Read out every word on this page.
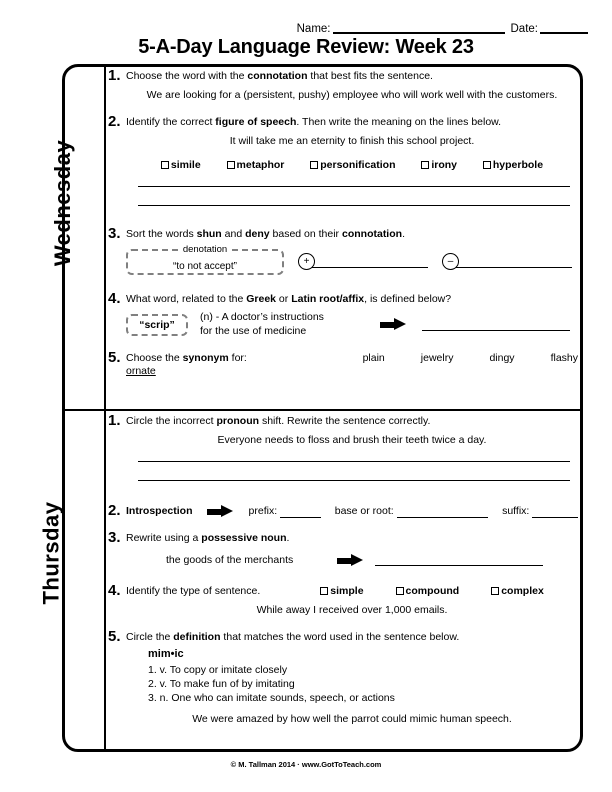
Name:	Date:
5-A-Day Language Review: Week 23
Wednesday
Thursday
1. Choose the word with the connotation that best fits the sentence.
We are looking for a (persistent, pushy) employee who will work well with the customers.
2. Identify the correct figure of speech. Then write the meaning on the lines below.
It will take me an eternity to finish this school project.
simile	metaphor	personification	irony	hyperbole
3. Sort the words shun and deny based on their connotation.
denotation
“to not accept”	+	–
4. What word, related to the Greek or Latin root/affix, is defined below?
“scrip”
(n) - A doctor’s instructions
for the use of medicine
5. Choose the synonym for: ornate
plain	jewelry	dingy	flashy
1. Circle the incorrect pronoun shift. Rewrite the sentence correctly.
Everyone needs to floss and brush their teeth twice a day.
2. Introspection	prefix:	base or root:	suffix:
3. Rewrite using a possessive noun.
the goods of the merchants
4. Identify the type of sentence.	simple	compound	complex
While away I received over 1,000 emails.
5. Circle the definition that matches the word used in the sentence below.
mim•ic
1. v. To copy or imitate closely
2. v. To make fun of by imitating
3. n. One who can imitate sounds, speech, or actions
We were amazed by how well the parrot could mimic human speech.
© M. Tallman 2014 · www.GotToTeach.com
